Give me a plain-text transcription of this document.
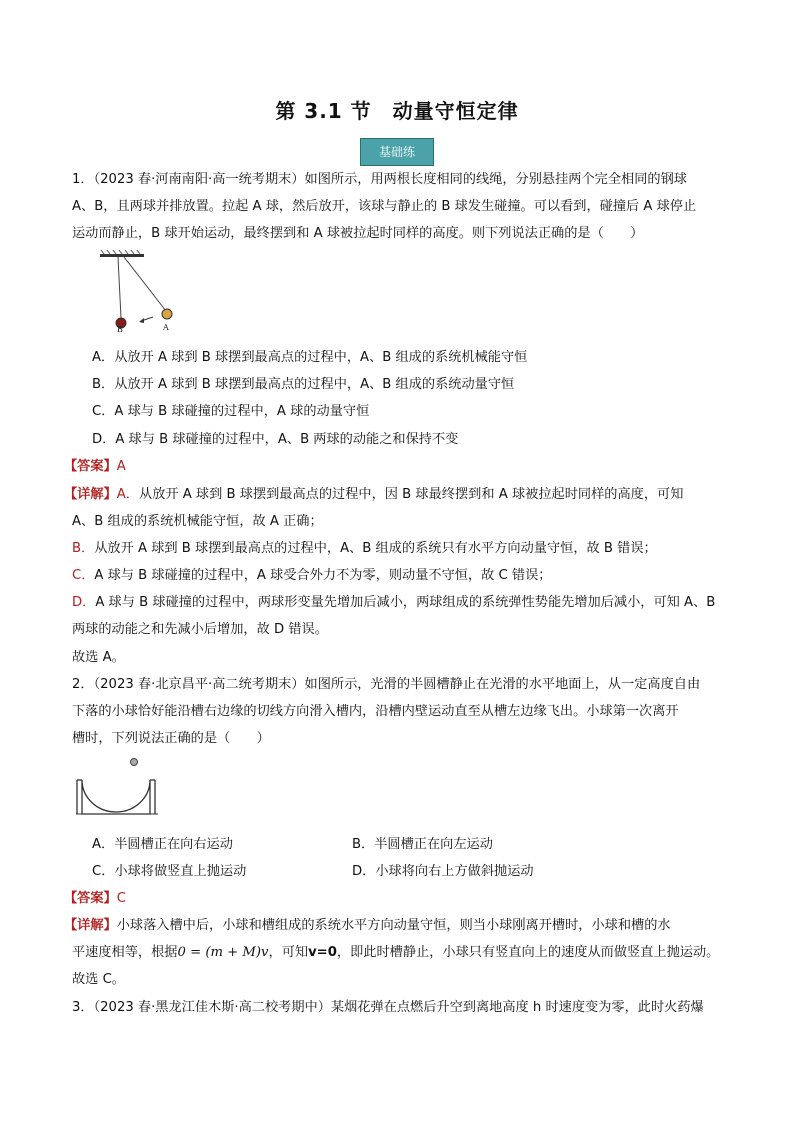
第 3.1 节　动量守恒定律
基础练
1．（2023 春·河南南阳·高一统考期末）如图所示，用两根长度相同的线绳，分别悬挂两个完全相同的钢球
A、B，且两球并排放置。拉起 A 球，然后放开，该球与静止的 B 球发生碰撞。可以看到，碰撞后 A 球停止
运动而静止，B 球开始运动，最终摆到和 A 球被拉起时同样的高度。则下列说法正确的是（　　）
B	A
A．从放开 A 球到 B 球摆到最高点的过程中，A、B 组成的系统机械能守恒
B．从放开 A 球到 B 球摆到最高点的过程中，A、B 组成的系统动量守恒
C．A 球与 B 球碰撞的过程中，A 球的动量守恒
D．A 球与 B 球碰撞的过程中，A、B 两球的动能之和保持不变
【答案】A
【详解】A．从放开 A 球到 B 球摆到最高点的过程中，因 B 球最终摆到和 A 球被拉起时同样的高度，可知
A、B 组成的系统机械能守恒，故 A 正确；
B．从放开 A 球到 B 球摆到最高点的过程中，A、B 组成的系统只有水平方向动量守恒，故 B 错误；
C．A 球与 B 球碰撞的过程中，A 球受合外力不为零，则动量不守恒，故 C 错误；
D．A 球与 B 球碰撞的过程中，两球形变量先增加后减小，两球组成的系统弹性势能先增加后减小，可知 A、B
两球的动能之和先减小后增加，故 D 错误。
故选 A。
2．（2023 春·北京昌平·高二统考期末）如图所示，光滑的半圆槽静止在光滑的水平地面上，从一定高度自由
下落的小球恰好能沿槽右边缘的切线方向滑入槽内，沿槽内壁运动直至从槽左边缘飞出。小球第一次离开
槽时，下列说法正确的是（　　）
A．半圆槽正在向右运动	B．半圆槽正在向左运动
C．小球将做竖直上抛运动	D．小球将向右上方做斜抛运动
【答案】C
【详解】小球落入槽中后，小球和槽组成的系统水平方向动量守恒，则当小球刚离开槽时，小球和槽的水
平速度相等，根据0 = (m + M)v，可知v=0，即此时槽静止，小球只有竖直向上的速度从而做竖直上抛运动。
故选 C。
3．（2023 春·黑龙江佳木斯·高二校考期中）某烟花弹在点燃后升空到离地高度 h 时速度变为零，此时火药爆
